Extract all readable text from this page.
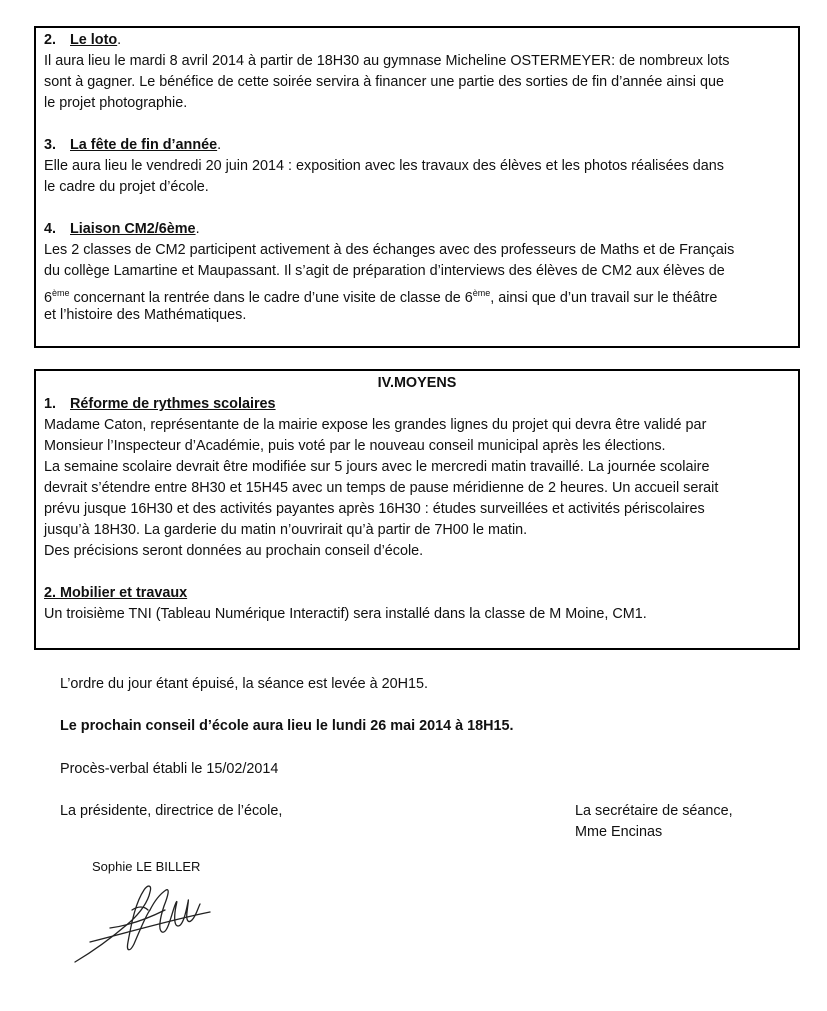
2. Le loto.
Il aura lieu le mardi 8 avril 2014 à partir de 18H30 au gymnase Micheline OSTERMEYER: de nombreux lots
sont à gagner. Le bénéfice de cette soirée servira à financer une partie des sorties de fin d’année ainsi que
le projet photographie.
3. La fête de fin d’année.
Elle aura lieu le vendredi 20 juin 2014 : exposition avec les travaux des élèves et les photos réalisées dans
le cadre du projet d’école.
4. Liaison CM2/6ème.
Les 2 classes de CM2 participent activement à des échanges avec des professeurs de Maths et de Français
du collège Lamartine et Maupassant. Il s’agit de préparation d’interviews des élèves de CM2 aux élèves de
6ème concernant la rentrée dans le cadre d’une visite de classe de 6ème, ainsi que d’un travail sur le théâtre
et l’histoire des Mathématiques.
IV.MOYENS
1. Réforme de rythmes scolaires
Madame Caton, représentante de la mairie expose les grandes lignes du projet qui devra être validé par
Monsieur l’Inspecteur d’Académie, puis voté par le nouveau conseil municipal après les élections.
La semaine scolaire devrait être modifiée sur 5 jours avec le mercredi matin travaillé. La journée scolaire
devrait s’étendre entre 8H30 et 15H45 avec un temps de pause méridienne de 2 heures. Un accueil serait
prévu jusque 16H30 et des activités payantes après 16H30 : études surveillées et activités périscolaires
jusqu’à 18H30. La garderie du matin n’ouvrirait qu’à partir de 7H00 le matin.
Des précisions seront données au prochain conseil d’école.
2. Mobilier et travaux
Un troisième TNI (Tableau Numérique Interactif) sera installé dans la classe de M Moine, CM1.
L’ordre du jour étant épuisé, la séance est levée à 20H15.
Le prochain conseil d’école aura lieu le lundi 26 mai 2014 à 18H15.
Procès-verbal établi le 15/02/2014
La présidente, directrice de l’école,	La secrétaire de séance,
Mme Encinas
Sophie LE BILLER
